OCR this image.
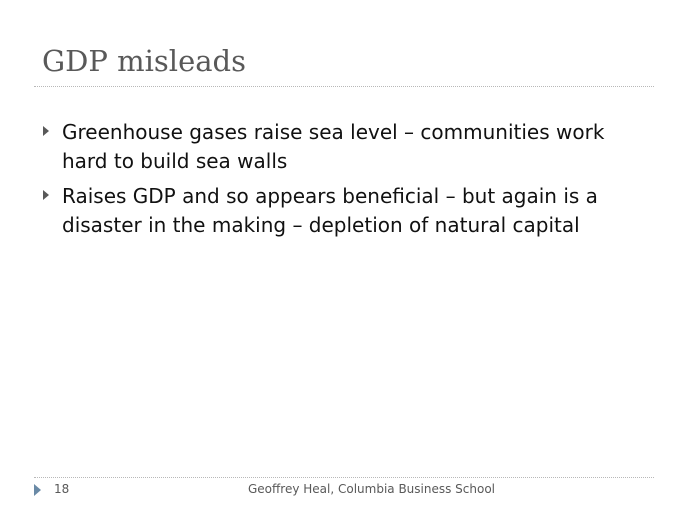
GDP misleads
Greenhouse gases raise sea level – communities work hard to build sea walls
Raises GDP and so appears beneficial – but again is a disaster in the making – depletion of natural capital
18	Geoffrey Heal, Columbia Business School
